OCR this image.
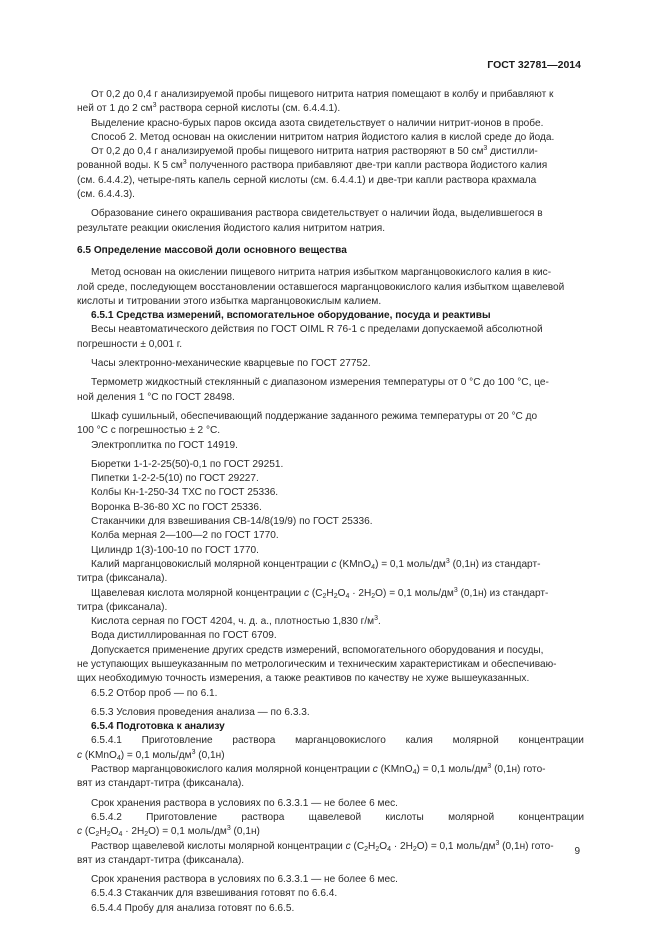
ГОСТ 32781—2014

От 0,2 до 0,4 г анализируемой пробы пищевого нитрита натрия помещают в колбу и прибавляют к

ней от 1 до 2 $см^3$ раствора серной кислоты (см. 6.4.4.1).

Выделение красно-бурых паров оксида азота свидетельствует о наличии нитрит-ионов в пробе.

Способ 2. Метод основан на окислении нитритом натрия йодистого калия в кислой среде до йода.

От 0,2 до 0,4 г анализируемой пробы пищевого нитрита натрия растворяют в 50 $см^3$ дистилли-

рованной воды. К 5 $см^3$ полученного раствора прибавляют две-три капли раствора йодистого калия

(см. 6.4.4.2), четыре-пять капель серной кислоты (см. 6.4.4.1) и две-три капли раствора крахмала

(см. 6.4.4.3).

Образование синего окрашивания раствора свидетельствует о наличии йода, выделившегося в

результате реакции окисления йодистого калия нитритом натрия.

6.5 Определение массовой доли основного вещества

Метод основан на окислении пищевого нитрита натрия избытком марганцовокислого калия в кис-

лой среде, последующем восстановлении оставшегося марганцовокислого калия избытком щавелевой

кислоты и титровании этого избытка марганцовокислым калием.

6.5.1 Средства измерений, вспомогательное оборудование, посуда и реактивы

Весы неавтоматического действия по ГОСТ OIML R 76-1 с пределами допускаемой абсолютной

погрешности ± 0,001 г.

Часы электронно-механические кварцевые по ГОСТ 27752.

Термометр жидкостный стеклянный с диапазоном измерения температуры от 0 °С до 100 °С, це-

ной деления 1 °С по ГОСТ 28498.

Шкаф сушильный, обеспечивающий поддержание заданного режима температуры от 20 °С до

100 °С с погрешностью ± 2 °С.

Электроплитка по ГОСТ 14919.

Бюретки 1-1-2-25(50)-0,1 по ГОСТ 29251.

Пипетки 1-2-2-5(10) по ГОСТ 29227.

Колбы Кн-1-250-34 ТХС по ГОСТ 25336.

Воронка В-36-80 ХС по ГОСТ 25336.

Стаканчики для взвешивания СВ-14/8(19/9) по ГОСТ 25336.

Колба мерная 2—100—2 по ГОСТ 1770.

Цилиндр 1(3)-100-10 по ГОСТ 1770.

Калий марганцовокислый молярной концентрации c (KMnO$_4$) = 0,1 моль/$дм^3$ (0,1н) из стандарт-

титра (фиксанала).

Щавелевая кислота молярной концентрации c $(C_2H_2O_4 \cdot 2H_2O) = 0,1$ моль/$дм^3$ (0,1н) из стандарт-

титра (фиксанала).

Кислота серная по ГОСТ 4204, ч. д. а., плотностью 1,830 $г/м^3$.

Вода дистиллированная по ГОСТ 6709.

Допускается применение других средств измерений, вспомогательного оборудования и посуды,

не уступающих вышеуказанным по метрологическим и техническим характеристикам и обеспечиваю-

щих необходимую точность измерения, а также реактивов по качеству не хуже вышеуказанных.

6.5.2 Отбор проб — по 6.1.

6.5.3 Условия проведения анализа — по 6.3.3.

6.5.4 Подготовка к анализу

6.5.4.1 Приготовление раствора марганцовокислого калия молярной концентрации

c (KMnO$_4$) = 0,1 моль/$дм^3$ (0,1н)

Раствор марганцовокислого калия молярной концентрации c (KMnO$_4$) = 0,1 моль/$дм^3$ (0,1н) гото-

вят из стандарт-титра (фиксанала).

Срок хранения раствора в условиях по 6.3.3.1 — не более 6 мес.

6.5.4.2 Приготовление раствора щавелевой кислоты молярной концентрации

c $(C_2H_2O_4 \cdot 2H_2O) = 0,1$ моль/$дм^3$ (0,1н)

Раствор щавелевой кислоты молярной концентрации c $(C_2H_2O_4 \cdot 2H_2O) = 0,1$ моль/$дм^3$ (0,1н) гото-

вят из стандарт-титра (фиксанала).

Срок хранения раствора в условиях по 6.3.3.1 — не более 6 мес.

6.5.4.3 Стаканчик для взвешивания готовят по 6.6.4.

6.5.4.4 Пробу для анализа готовят по 6.6.5.

9
